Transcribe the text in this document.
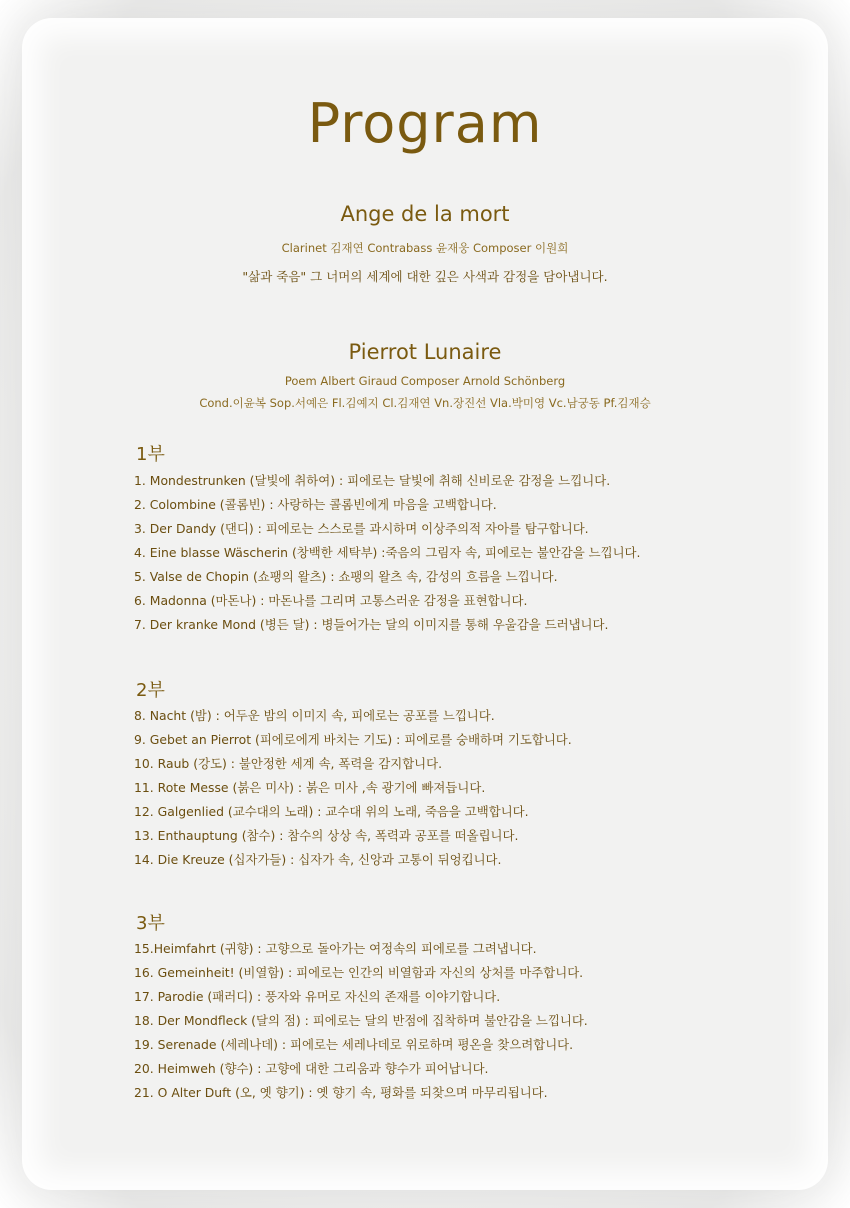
Program
Ange de la mort
Clarinet 김재연 Contrabass 윤재웅 Composer 이원희
"삶과 죽음" 그 너머의 세계에 대한 깊은 사색과 감정을 담아냅니다.
Pierrot Lunaire
Poem Albert Giraud Composer Arnold Schönberg
Cond.이윤복 Sop.서예은 Fl.김예지 Cl.김재연 Vn.장진선 Vla.박미영 Vc.남궁동 Pf.김재승
1부
1. Mondestrunken (달빛에 취하여) : 피에로는 달빛에 취해 신비로운 감정을 느낍니다.
2. Colombine (콜롬빈) : 사랑하는 콜롬빈에게 마음을 고백합니다.
3. Der Dandy (댄디) : 피에로는 스스로를 과시하며 이상주의적 자아를 탐구합니다.
4. Eine blasse Wäscherin (창백한 세탁부) :죽음의 그림자 속, 피에로는 불안감을 느낍니다.
5. Valse de Chopin (쇼팽의 왈츠) : 쇼팽의 왈츠 속, 감성의 흐름을 느낍니다.
6. Madonna (마돈나) : 마돈나를 그리며 고통스러운 감정을 표현합니다.
7. Der kranke Mond (병든 달) : 병들어가는 달의 이미지를 통해 우울감을 드러냅니다.
2부
8. Nacht (밤) : 어두운 밤의 이미지 속, 피에로는 공포를 느낍니다.
9. Gebet an Pierrot (피에로에게 바치는 기도) : 피에로를 숭배하며 기도합니다.
10. Raub (강도) : 불안정한 세계 속, 폭력을 감지합니다.
11. Rote Messe (붉은 미사) : 붉은 미사 ,속 광기에 빠져듭니다.
12. Galgenlied (교수대의 노래) : 교수대 위의 노래, 죽음을 고백합니다.
13. Enthauptung (참수) : 참수의 상상 속, 폭력과 공포를 떠올립니다.
14. Die Kreuze (십자가들) : 십자가 속, 신앙과 고통이 뒤엉킵니다.
3부
15.Heimfahrt (귀향) : 고향으로 돌아가는 여정속의 피에로를 그려냅니다.
16. Gemeinheit! (비열함) : 피에로는 인간의 비열함과 자신의 상처를 마주합니다.
17. Parodie (패러디) : 풍자와 유머로 자신의 존재를 이야기합니다.
18. Der Mondfleck (달의 점) : 피에로는 달의 반점에 집착하며 불안감을 느낍니다.
19. Serenade (세레나데) : 피에로는 세레나데로 위로하며 평온을 찾으려합니다.
20. Heimweh (향수) : 고향에 대한 그리움과 향수가 피어납니다.
21. O Alter Duft (오, 옛 향기) : 옛 향기 속, 평화를 되찾으며 마무리됩니다.
